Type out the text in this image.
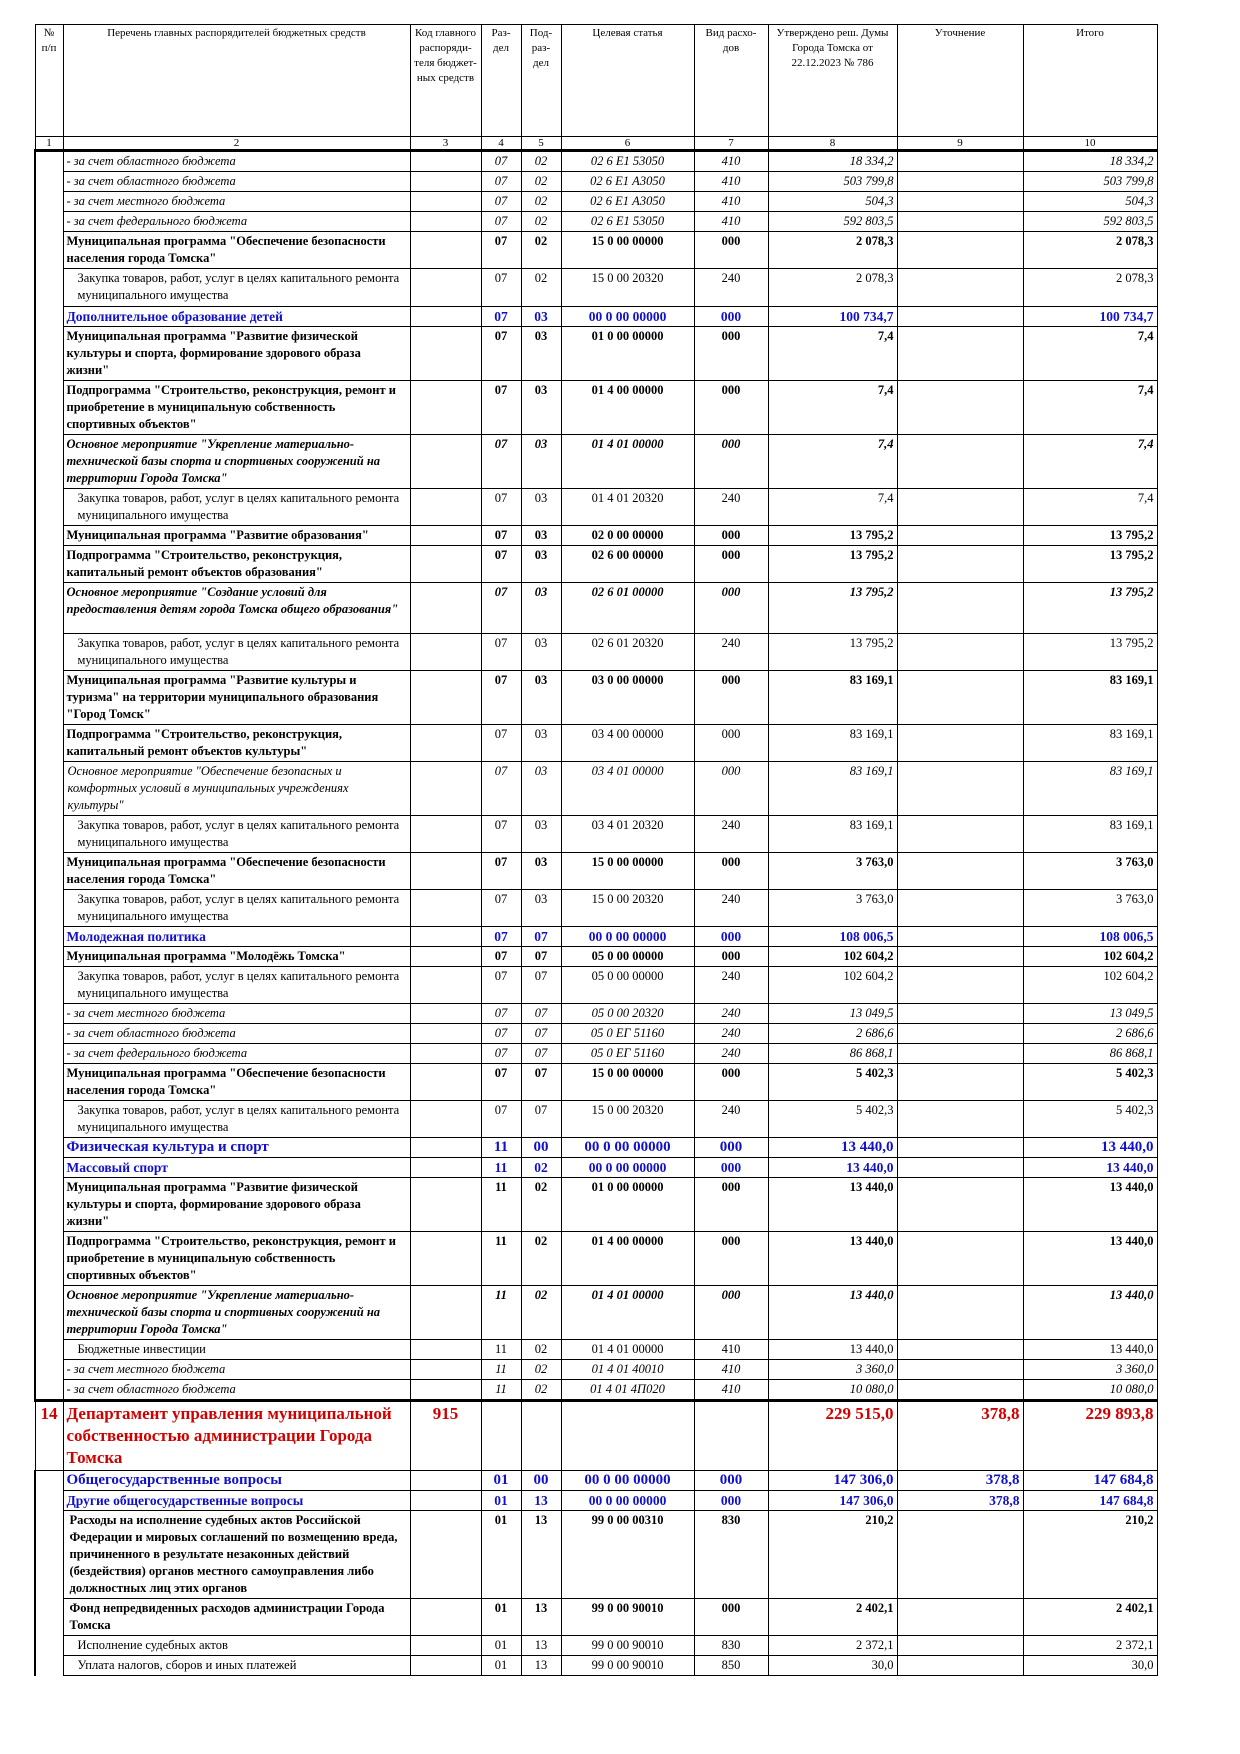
№ п/п	Перечень главных распорядителей бюджетных средств	Код главного распоряди-теля бюджет-ных средств	Раз-дел	Под-раз-дел	Целевая статья	Вид расхо-дов	Утверждено реш. Думы Города Томска от 22.12.2023 № 786	Уточнение	Итого
1	2	3	4	5	6	7	8	9	10
	- за счет областного бюджета		07	02	02 6 Е1 53050	410	18 334,2		18 334,2
	- за счет областного бюджета		07	02	02 6 Е1 А3050	410	503 799,8		503 799,8
	- за счет местного бюджета		07	02	02 6 Е1 А3050	410	504,3		504,3
	- за счет федерального бюджета		07	02	02 6 Е1 53050	410	592 803,5		592 803,5
	Муниципальная программа "Обеспечение безопасности населения города Томска"		07	02	15 0 00 00000	000	2 078,3		2 078,3
	Закупка товаров, работ, услуг в целях капитального ремонта муниципального имущества		07	02	15 0 00 20320	240	2 078,3		2 078,3
	Дополнительное образование детей		07	03	00 0 00 00000	000	100 734,7		100 734,7
	Муниципальная программа "Развитие физической культуры и спорта, формирование здорового образа жизни"		07	03	01 0 00 00000	000	7,4		7,4
	Подпрограмма "Строительство, реконструкция, ремонт и приобретение в муниципальную собственность спортивных объектов"		07	03	01 4 00 00000	000	7,4		7,4
	Основное мероприятие "Укрепление материально-технической базы спорта и спортивных сооружений на территории Города Томска"		07	03	01 4 01 00000	000	7,4		7,4
	Закупка товаров, работ, услуг в целях капитального ремонта муниципального имущества		07	03	01 4 01 20320	240	7,4		7,4
	Муниципальная программа "Развитие образования"		07	03	02 0 00 00000	000	13 795,2		13 795,2
	Подпрограмма "Строительство, реконструкция, капитальный ремонт объектов образования"		07	03	02 6 00 00000	000	13 795,2		13 795,2
	Основное мероприятие "Создание условий для предоставления детям города Томска общего образования"		07	03	02 6 01 00000	000	13 795,2		13 795,2
	Закупка товаров, работ, услуг в целях капитального ремонта муниципального имущества		07	03	02 6 01 20320	240	13 795,2		13 795,2
	Муниципальная программа "Развитие культуры и туризма" на территории муниципального образования "Город Томск"		07	03	03 0 00 00000	000	83 169,1		83 169,1
	Подпрограмма "Строительство, реконструкция, капитальный ремонт объектов культуры"		07	03	03 4 00 00000	000	83 169,1		83 169,1
	Основное мероприятие "Обеспечение безопасных и комфортных условий в муниципальных учреждениях культуры"		07	03	03 4 01 00000	000	83 169,1		83 169,1
	Закупка товаров, работ, услуг в целях капитального ремонта муниципального имущества		07	03	03 4 01 20320	240	83 169,1		83 169,1
	Муниципальная программа "Обеспечение безопасности населения города Томска"		07	03	15 0 00 00000	000	3 763,0		3 763,0
	Закупка товаров, работ, услуг в целях капитального ремонта муниципального имущества		07	03	15 0 00 20320	240	3 763,0		3 763,0
	Молодежная политика		07	07	00 0 00 00000	000	108 006,5		108 006,5
	Муниципальная программа "Молодёжь Томска"		07	07	05 0 00 00000	000	102 604,2		102 604,2
	Закупка товаров, работ, услуг в целях капитального ремонта муниципального имущества		07	07	05 0 00 00000	240	102 604,2		102 604,2
	- за счет местного бюджета		07	07	05 0 00 20320	240	13 049,5		13 049,5
	- за счет областного бюджета		07	07	05 0 ЕГ 51160	240	2 686,6		2 686,6
	- за счет федерального бюджета		07	07	05 0 ЕГ 51160	240	86 868,1		86 868,1
	Муниципальная программа "Обеспечение безопасности населения города Томска"		07	07	15 0 00 00000	000	5 402,3		5 402,3
	Закупка товаров, работ, услуг в целях капитального ремонта муниципального имущества		07	07	15 0 00 20320	240	5 402,3		5 402,3
	Физическая культура и спорт		11	00	00 0 00 00000	000	13 440,0		13 440,0
	Массовый спорт		11	02	00 0 00 00000	000	13 440,0		13 440,0
	Муниципальная программа "Развитие физической культуры и спорта, формирование здорового образа жизни"		11	02	01 0 00 00000	000	13 440,0		13 440,0
	Подпрограмма "Строительство, реконструкция, ремонт и приобретение в муниципальную собственность спортивных объектов"		11	02	01 4 00 00000	000	13 440,0		13 440,0
	Основное мероприятие "Укрепление материально-технической базы спорта и спортивных сооружений на территории Города Томска"		11	02	01 4 01 00000	000	13 440,0		13 440,0
	Бюджетные инвестиции		11	02	01 4 01 00000	410	13 440,0		13 440,0
	- за счет местного бюджета		11	02	01 4 01 40010	410	3 360,0		3 360,0
	- за счет областного бюджета		11	02	01 4 01 4П020	410	10 080,0		10 080,0
14	Департамент управления муниципальной собственностью администрации Города Томска	915					229 515,0	378,8	229 893,8
	Общегосударственные вопросы		01	00	00 0 00 00000	000	147 306,0	378,8	147 684,8
	Другие общегосударственные вопросы		01	13	00 0 00 00000	000	147 306,0	378,8	147 684,8
	Расходы на исполнение судебных актов Российской Федерации и мировых соглашений по возмещению вреда, причиненного в результате незаконных действий (бездействия) органов местного самоуправления либо должностных лиц этих органов		01	13	99 0 00 00310	830	210,2		210,2
	Фонд непредвиденных расходов администрации Города Томска		01	13	99 0 00 90010	000	2 402,1		2 402,1
	Исполнение судебных актов		01	13	99 0 00 90010	830	2 372,1		2 372,1
	Уплата налогов, сборов и иных платежей		01	13	99 0 00 90010	850	30,0		30,0
